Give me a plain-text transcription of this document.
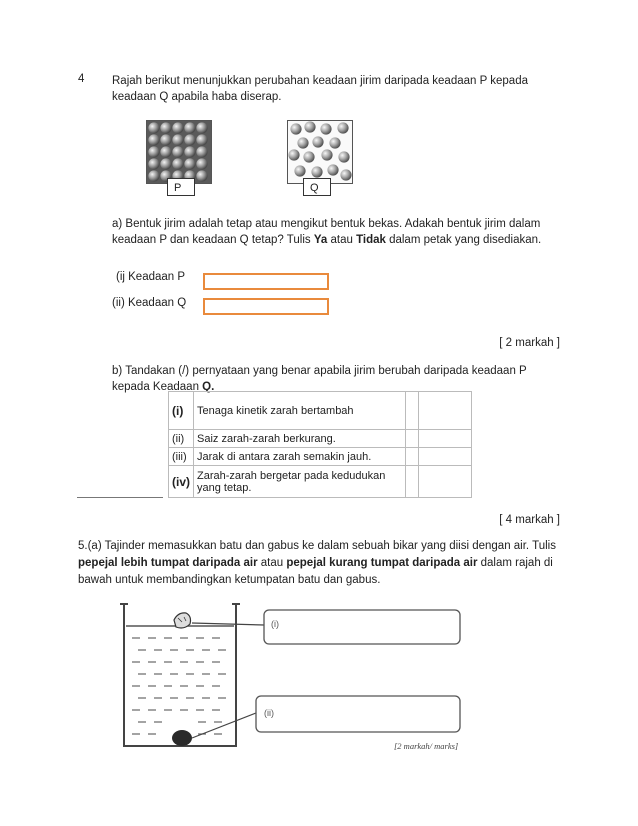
4 Rajah berikut menunjukkan perubahan keadaan jirim daripada keadaan P kepada
keadaan Q apabila haba diserap.
P	Q
a) Bentuk jirim adalah tetap atau mengikut bentuk bekas. Adakah bentuk jirim dalam
keadaan P dan keadaan Q tetap? Tulis Ya atau Tidak dalam petak yang disediakan.
(ij Keadaan P
(ii) Keadaan Q
[ 2 markah ]
b) Tandakan (/) pernyataan yang benar apabila jirim berubah daripada keadaan P
kepada Keadaan Q.
(i)	Tenaga kinetik zarah bertambah		
(ii)	Saiz zarah-zarah berkurang.		
(iii)	Jarak di antara zarah semakin jauh.		
(iv)	Zarah-zarah bergetar pada kedudukan yang tetap.		
[ 4 markah ]
5.(a) Tajinder memasukkan batu dan gabus ke dalam sebuah bikar yang diisi dengan air. Tulis
pepejal lebih tumpat daripada air atau pepejal kurang tumpat daripada air dalam rajah di
bawah untuk membandingkan ketumpatan batu dan gabus.
(i)
(ii)
[2 markah/ marks]
